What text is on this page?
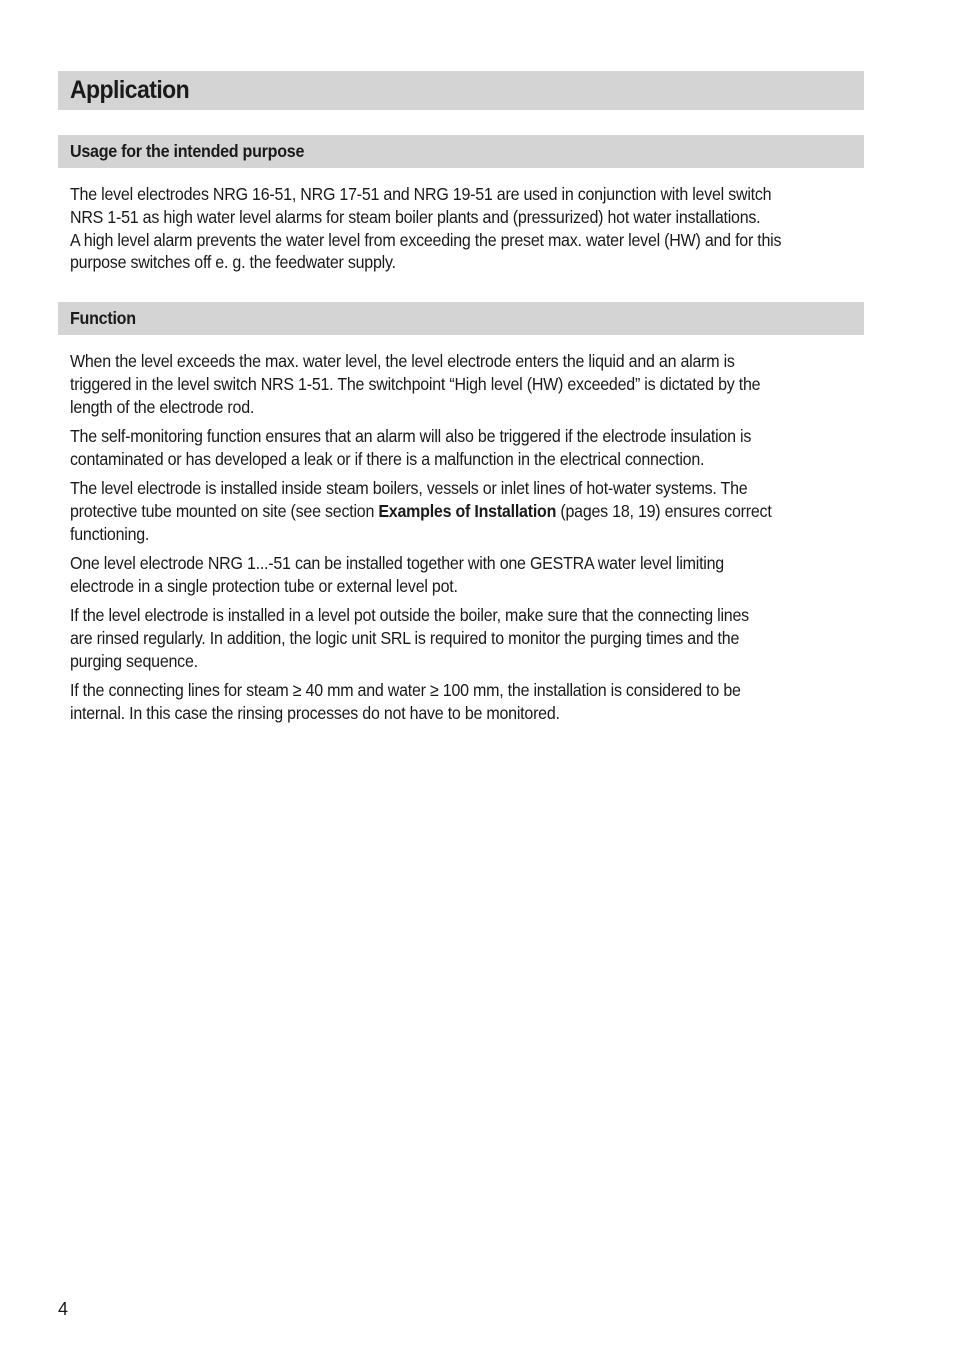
Application
Usage for the intended purpose

The level electrodes NRG 16-51, NRG 17-51 and NRG 19-51 are used in conjunction with level switch
NRS 1-51 as high water level alarms for steam boiler plants and (pressurized) hot water installations.
A high level alarm prevents the water level from exceeding the preset max. water level (HW) and for this
purpose switches off e. g. the feedwater supply.

Function

When the level exceeds the max. water level, the level electrode enters the liquid and an alarm is
triggered in the level switch NRS 1-51. The switchpoint “High level (HW) exceeded” is dictated by the
length of the electrode rod.

The self-monitoring function ensures that an alarm will also be triggered if the electrode insulation is
contaminated or has developed a leak or if there is a malfunction in the electrical connection.

The level electrode is installed inside steam boilers, vessels or inlet lines of hot-water systems. The
protective tube mounted on site (see section Examples of Installation (pages 18, 19) ensures correct
functioning.

One level electrode NRG 1...-51 can be installed together with one GESTRA water level limiting
electrode in a single protection tube or external level pot.

If the level electrode is installed in a level pot outside the boiler, make sure that the connecting lines
are rinsed regularly. In addition, the logic unit SRL is required to monitor the purging times and the
purging sequence.

If the connecting lines for steam ≥ 40 mm and water ≥ 100 mm, the installation is considered to be
internal. In this case the rinsing processes do not have to be monitored.

4
